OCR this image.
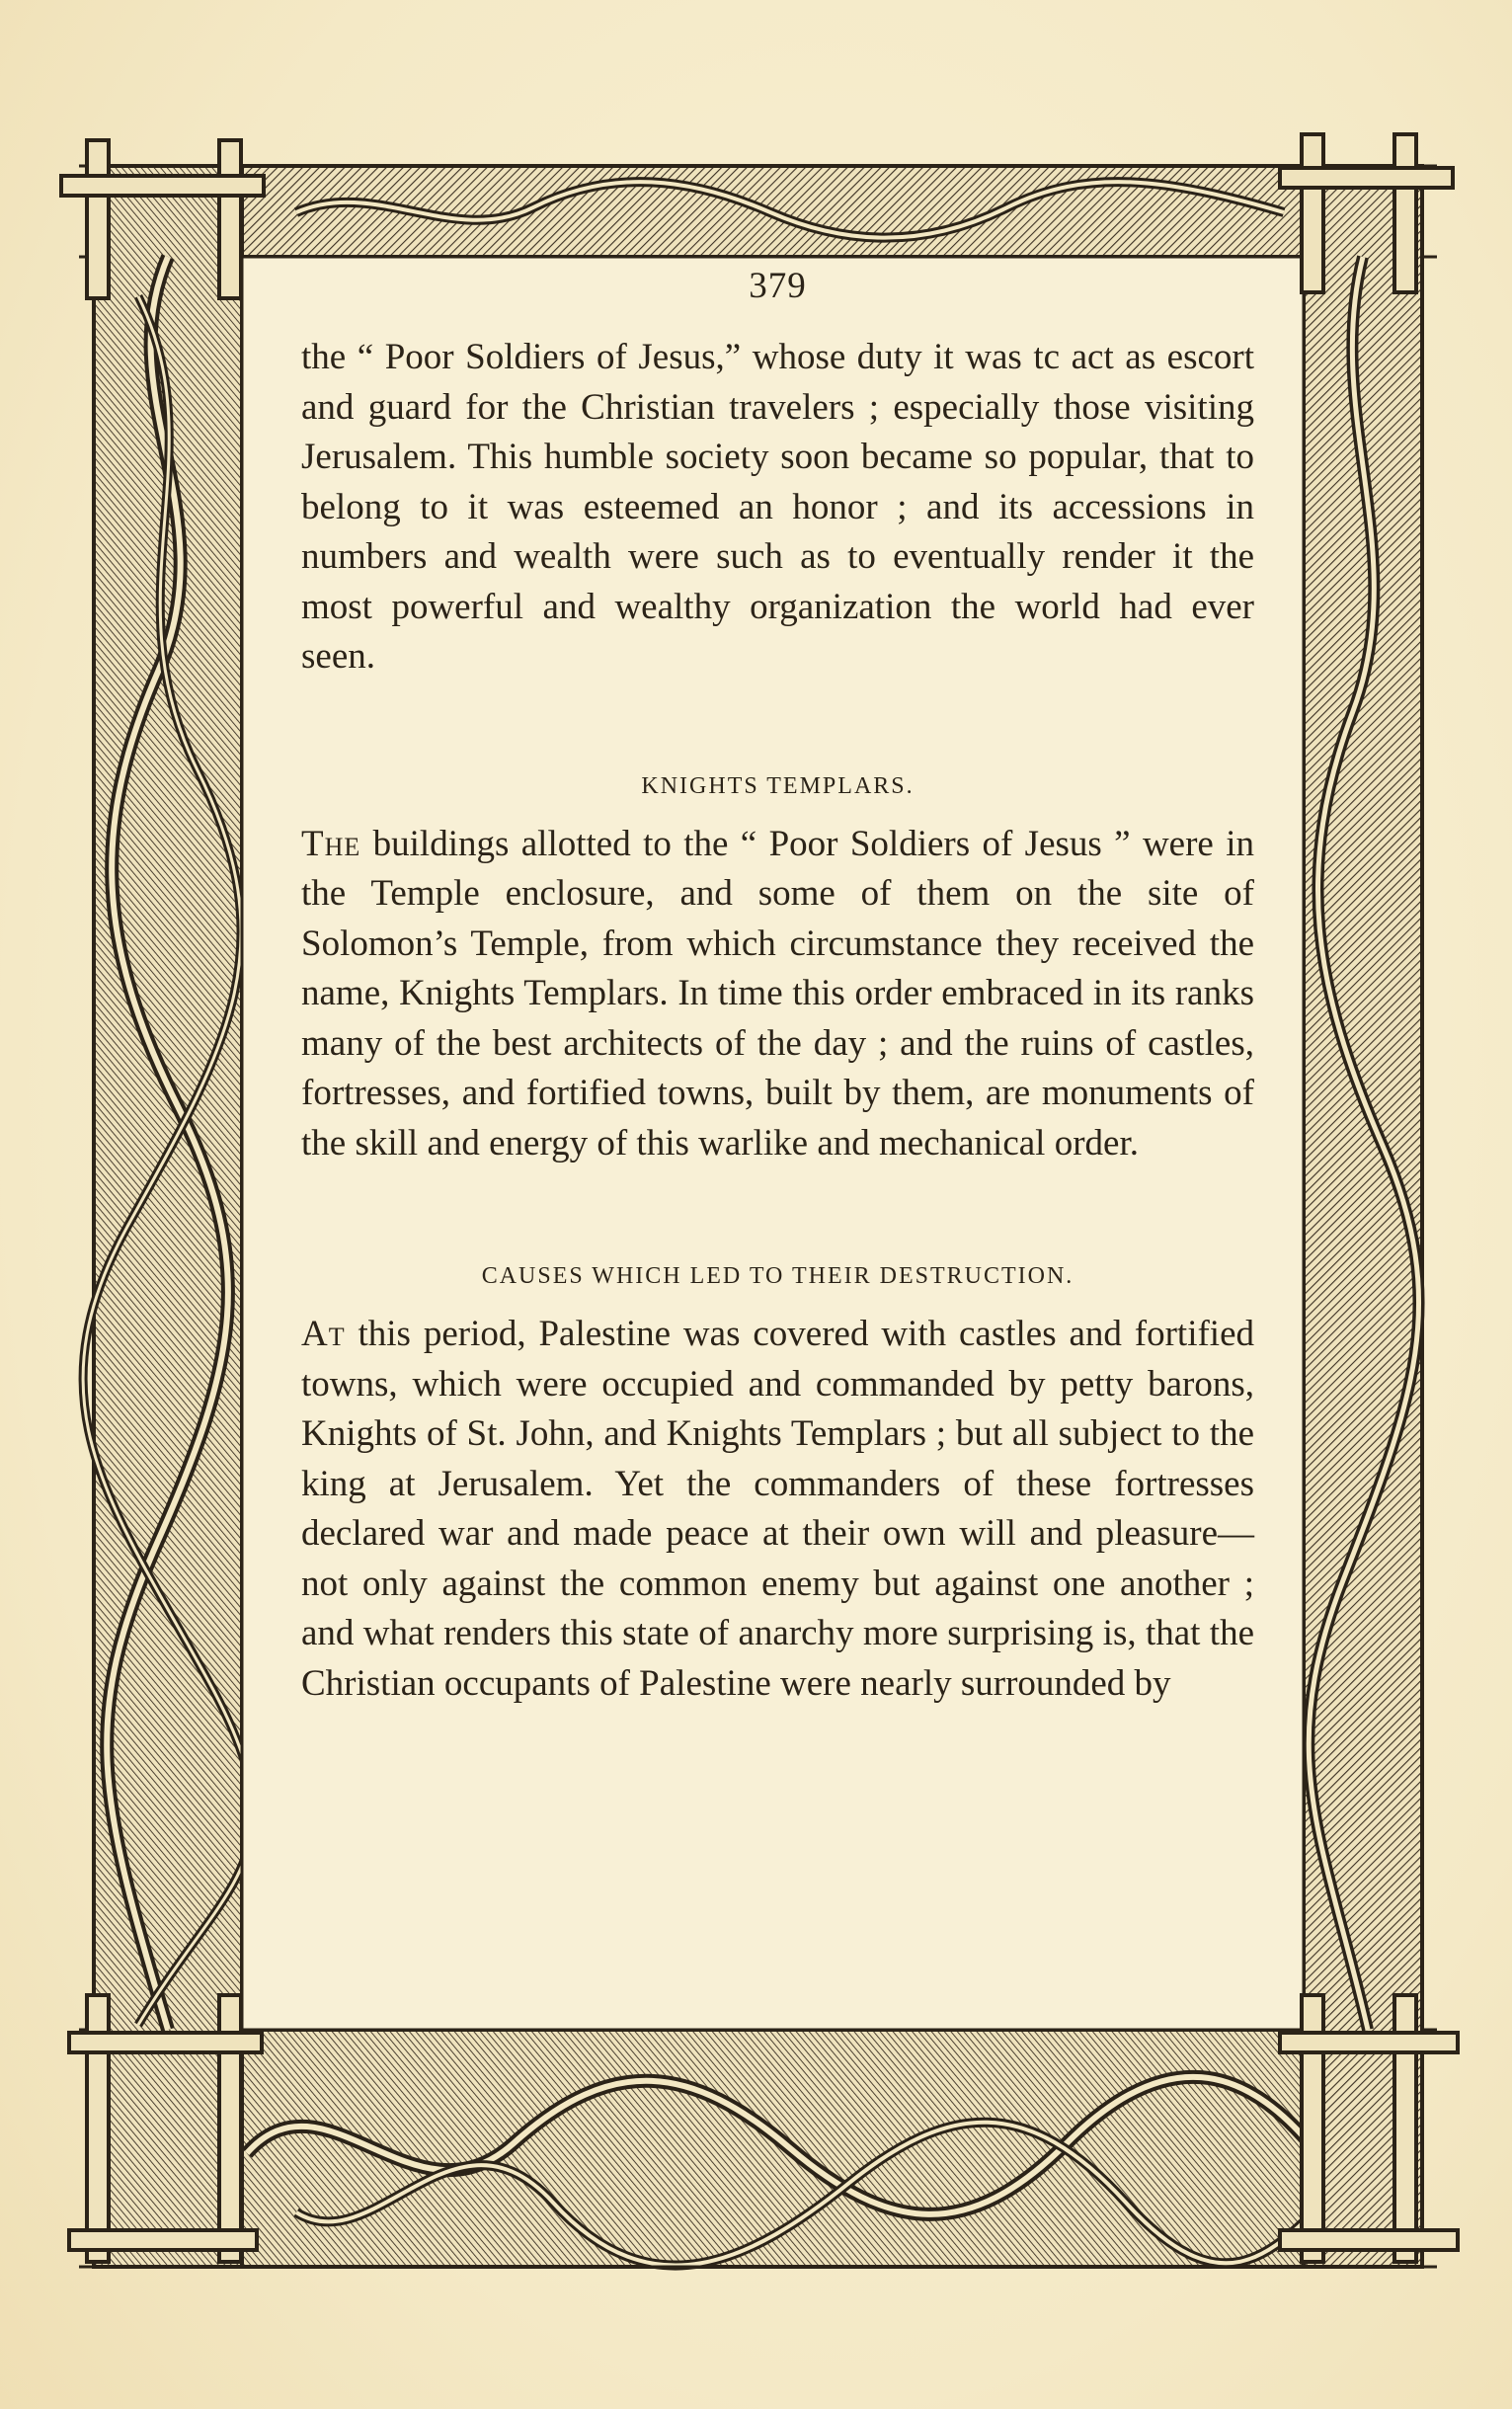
379

the “ Poor Soldiers of Jesus,” whose duty it was tc act as escort and guard for the Christian travelers ; especially those visiting Jerusalem. This humble society soon became so popular, that to belong to it was esteemed an honor ; and its accessions in numbers and wealth were such as to eventually render it the most powerful and wealthy organization the world had ever seen.

KNIGHTS TEMPLARS.

The buildings allotted to the “ Poor Soldiers of Jesus ” were in the Temple enclosure, and some of them on the site of Solomon’s Temple, from which circumstance they received the name, Knights Templars. In time this order embraced in its ranks many of the best architects of the day ; and the ruins of castles, fortresses, and fortified towns, built by them, are monuments of the skill and energy of this warlike and mechanical order.

CAUSES WHICH LED TO THEIR DESTRUCTION.

At this period, Palestine was covered with castles and fortified towns, which were occupied and commanded by petty barons, Knights of St. John, and Knights Templars ; but all subject to the king at Jerusalem. Yet the commanders of these fortresses declared war and made peace at their own will and pleasure—not only against the common enemy but against one another ; and what renders this state of anarchy more surprising is, that the Christian occupants of Palestine were nearly surrounded by
